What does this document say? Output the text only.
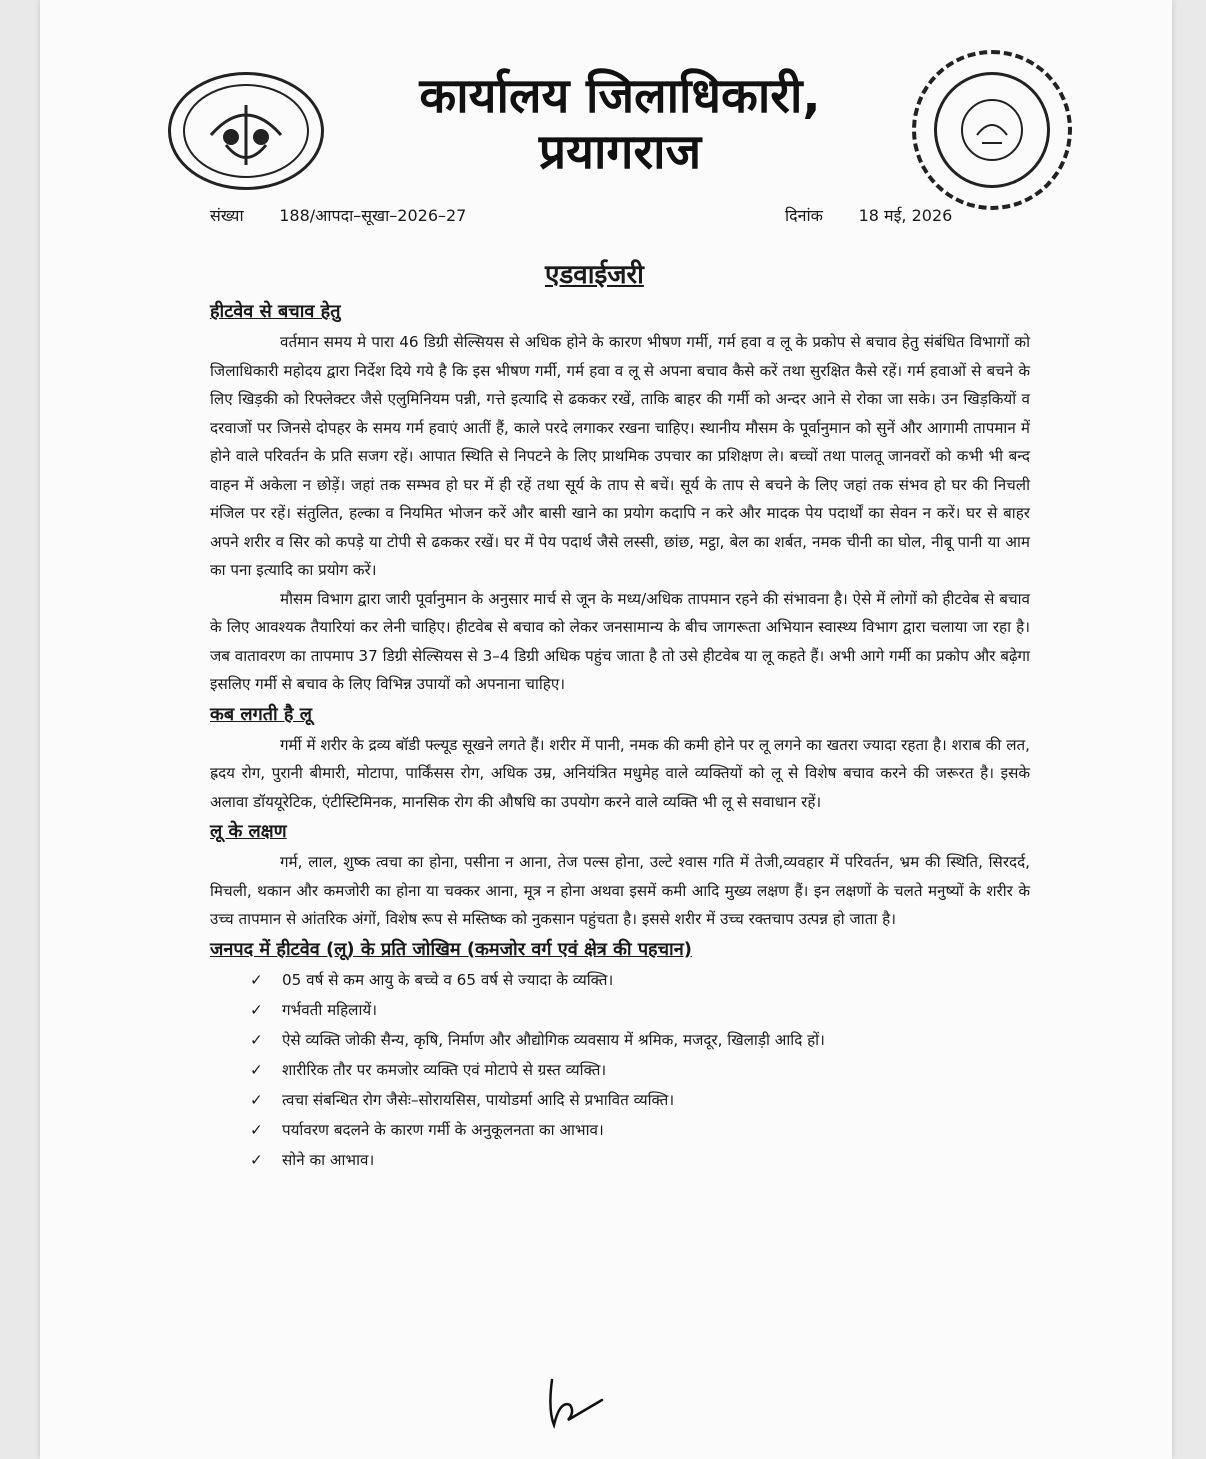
कार्यालय जिलाधिकारी, प्रयागराज
संख्या 188/आपदा–सूखा–2026–27	दिनांक 18 मई, 2026
एडवाईजरी
हीटवेव से बचाव हेतु

वर्तमान समय मे पारा 46 डिग्री सेल्सियस से अधिक होने के कारण भीषण गर्मी, गर्म हवा व लू के प्रकोप से बचाव हेतु संबंधित विभागों को जिलाधिकारी महोदय द्वारा निर्देश दिये गये है कि इस भीषण गर्मी, गर्म हवा व लू से अपना बचाव कैसे करें तथा सुरक्षित कैसे रहें। गर्म हवाओं से बचने के लिए खिड़की को रिफ्लेक्टर जैसे एलुमिनियम पन्नी, गत्ते इत्यादि से ढककर रखें, ताकि बाहर की गर्मी को अन्दर आने से रोका जा सके। उन खिड़कियों व दरवाजों पर जिनसे दोपहर के समय गर्म हवाएं आतीं हैं, काले परदे लगाकर रखना चाहिए। स्थानीय मौसम के पूर्वानुमान को सुनें और आगामी तापमान में होने वाले परिवर्तन के प्रति सजग रहें। आपात स्थिति से निपटने के लिए प्राथमिक उपचार का प्रशिक्षण ले। बच्चों तथा पालतू जानवरों को कभी भी बन्द वाहन में अकेला न छोड़ें। जहां तक सम्भव हो घर में ही रहें तथा सूर्य के ताप से बचें। सूर्य के ताप से बचने के लिए जहां तक संभव हो घर की निचली मंजिल पर रहें। संतुलित, हल्का व नियमित भोजन करें और बासी खाने का प्रयोग कदापि न करे और मादक पेय पदार्थों का सेवन न करें। घर से बाहर अपने शरीर व सिर को कपड़े या टोपी से ढककर रखें। घर में पेय पदार्थ जैसे लस्सी, छांछ, मट्ठा, बेल का शर्बत, नमक चीनी का घोल, नीबू पानी या आम का पना इत्यादि का प्रयोग करें।

मौसम विभाग द्वारा जारी पूर्वानुमान के अनुसार मार्च से जून के मध्य/अधिक तापमान रहने की संभावना है। ऐसे में लोगों को हीटवेब से बचाव के लिए आवश्यक तैयारियां कर लेनी चाहिए। हीटवेब से बचाव को लेकर जनसामान्य के बीच जागरूता अभियान स्वास्थ्य विभाग द्वारा चलाया जा रहा है। जब वातावरण का तापमाप 37 डिग्री सेल्सियस से 3–4 डिग्री अधिक पहुंच जाता है तो उसे हीटवेब या लू कहते हैं। अभी आगे गर्मी का प्रकोप और बढ़ेगा इसलिए गर्मी से बचाव के लिए विभिन्न उपायों को अपनाना चाहिए।

कब लगती है लू

गर्मी में शरीर के द्रव्य बॉडी फ्ल्यूड सूखने लगते हैं। शरीर में पानी, नमक की कमी होने पर लू लगने का खतरा ज्यादा रहता है। शराब की लत, ह्रदय रोग, पुरानी बीमारी, मोटापा, पार्किंसस रोग, अधिक उम्र, अनियंत्रित मधुमेह वाले व्यक्तियों को लू से विशेष बचाव करने की जरूरत है। इसके अलावा डॉययूरेटिक, एंटीस्टिमिनक, मानसिक रोग की औषधि का उपयोग करने वाले व्यक्ति भी लू से सवाधान रहें।

लू के लक्षण

गर्म, लाल, शुष्क त्वचा का होना, पसीना न आना, तेज पल्स होना, उल्टे श्वास गति में तेजी,व्यवहार में परिवर्तन, भ्रम की स्थिति, सिरदर्द, मिचली, थकान और कमजोरी का होना या चक्कर आना, मूत्र न होना अथवा इसमें कमी आदि मुख्य लक्षण हैं। इन लक्षणों के चलते मनुष्यों के शरीर के उच्च तापमान से आंतरिक अंगों, विशेष रूप से मस्तिष्क को नुकसान पहुंचता है। इससे शरीर में उच्च रक्तचाप उत्पन्न हो जाता है।

जनपद में हीटवेव (लू) के प्रति जोखिम (कमजोर वर्ग एवं क्षेत्र की पहचान)
✓	05 वर्ष से कम आयु के बच्चे व 65 वर्ष से ज्यादा के व्यक्ति।
✓	गर्भवती महिलायें।
✓	ऐसे व्यक्ति जोकी सैन्य, कृषि, निर्माण और औद्योगिक व्यवसाय में श्रमिक, मजदूर, खिलाड़ी आदि हों।
✓	शारीरिक तौर पर कमजोर व्यक्ति एवं मोटापे से ग्रस्त व्यक्ति।
✓	त्वचा संबन्धित रोग जैसेः–सोरायसिस, पायोडर्मा आदि से प्रभावित व्यक्ति।
✓	पर्यावरण बदलने के कारण गर्मी के अनुकूलनता का आभाव।
✓	सोने का आभाव।
